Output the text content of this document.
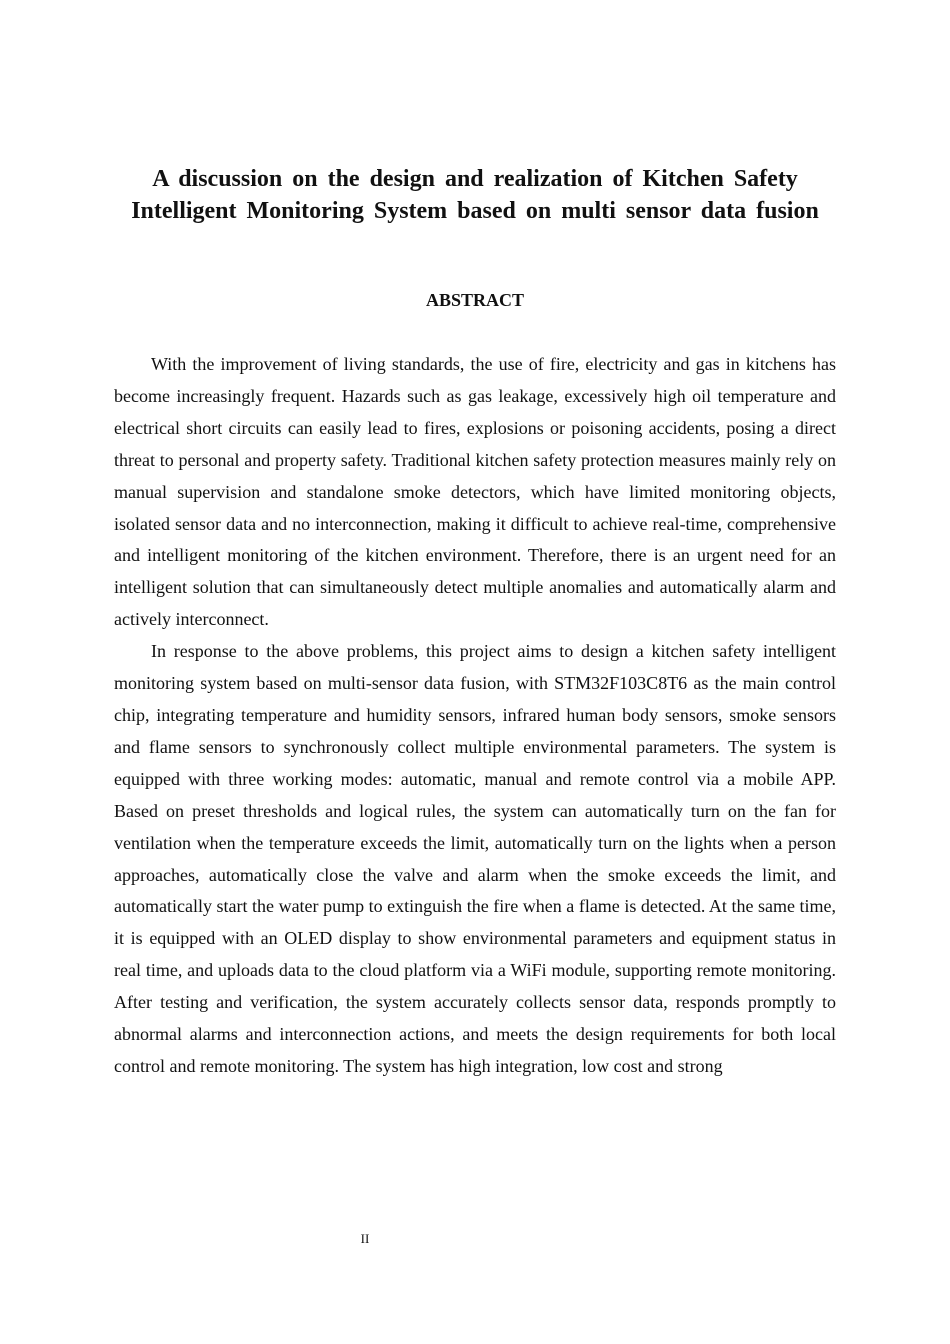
A discussion on the design and realization of Kitchen Safety Intelligent Monitoring System based on multi sensor data fusion
ABSTRACT

With the improvement of living standards, the use of fire, electricity and gas in kitchens has become increasingly frequent. Hazards such as gas leakage, excessively high oil temperature and electrical short circuits can easily lead to fires, explosions or poisoning accidents, posing a direct threat to personal and property safety. Traditional kitchen safety protection measures mainly rely on manual supervision and standalone smoke detectors, which have limited monitoring objects, isolated sensor data and no interconnection, making it difficult to achieve real-time, comprehensive and intelligent monitoring of the kitchen environment. Therefore, there is an urgent need for an intelligent solution that can simultaneously detect multiple anomalies and automatically alarm and actively interconnect.

In response to the above problems, this project aims to design a kitchen safety intelligent monitoring system based on multi-sensor data fusion, with STM32F103C8T6 as the main control chip, integrating temperature and humidity sensors, infrared human body sensors, smoke sensors and flame sensors to synchronously collect multiple environmental parameters. The system is equipped with three working modes: automatic, manual and remote control via a mobile APP. Based on preset thresholds and logical rules, the system can automatically turn on the fan for ventilation when the temperature exceeds the limit, automatically turn on the lights when a person approaches, automatically close the valve and alarm when the smoke exceeds the limit, and automatically start the water pump to extinguish the fire when a flame is detected. At the same time, it is equipped with an OLED display to show environmental parameters and equipment status in real time, and uploads data to the cloud platform via a WiFi module, supporting remote monitoring. After testing and verification, the system accurately collects sensor data, responds promptly to abnormal alarms and interconnection actions, and meets the design requirements for both local control and remote monitoring. The system has high integration, low cost and strong

II
